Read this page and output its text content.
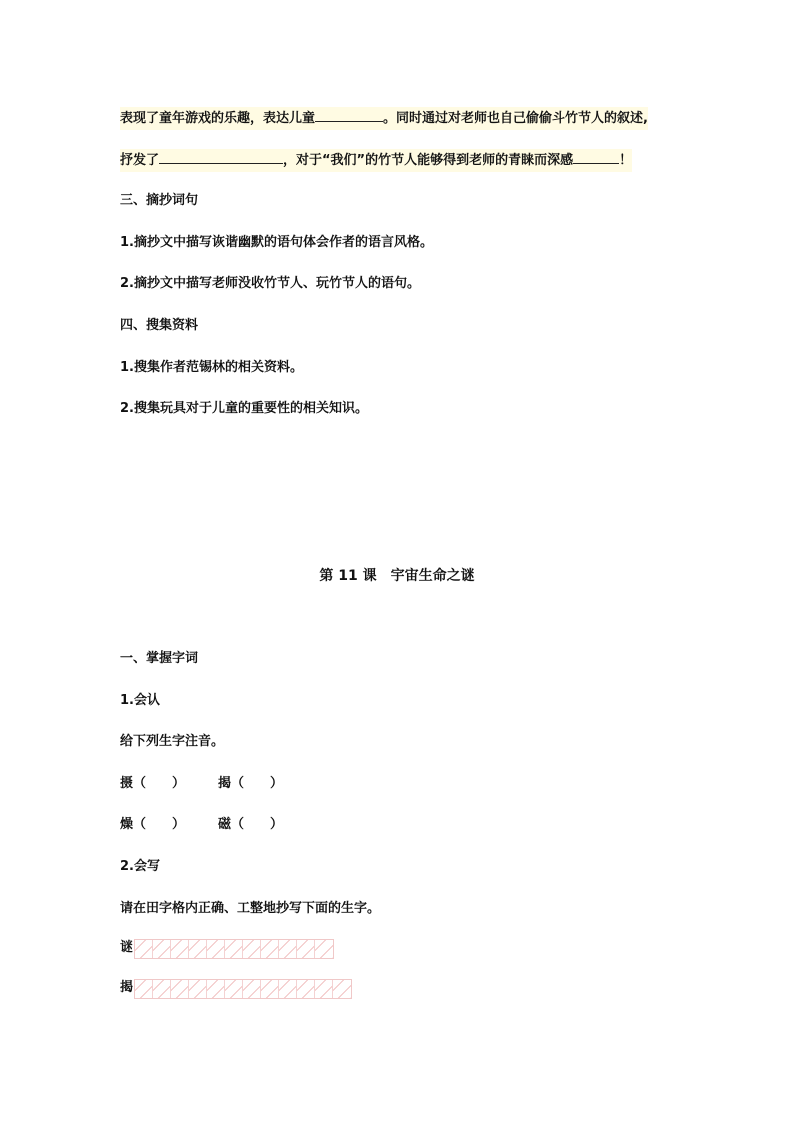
表现了童年游戏的乐趣，表达儿童	。同时通过对老师也自己偷偷斗竹节人的叙述,
抒发了	，对于“我们”的竹节人能够得到老师的青睐而深感	！
三、摘抄词句
1.摘抄文中描写诙谐幽默的语句体会作者的语言风格。
2.摘抄文中描写老师没收竹节人、玩竹节人的语句。
四、搜集资料
1.搜集作者范锡林的相关资料。
2.搜集玩具对于儿童的重要性的相关知识。
第 11 课　宇宙生命之谜
一、掌握字词
1.会认
给下列生字注音。
摄（　　）	揭（　　）
燥（　　）	磁（　　）
2.会写
请在田字格内正确、工整地抄写下面的生字。
谜
揭
